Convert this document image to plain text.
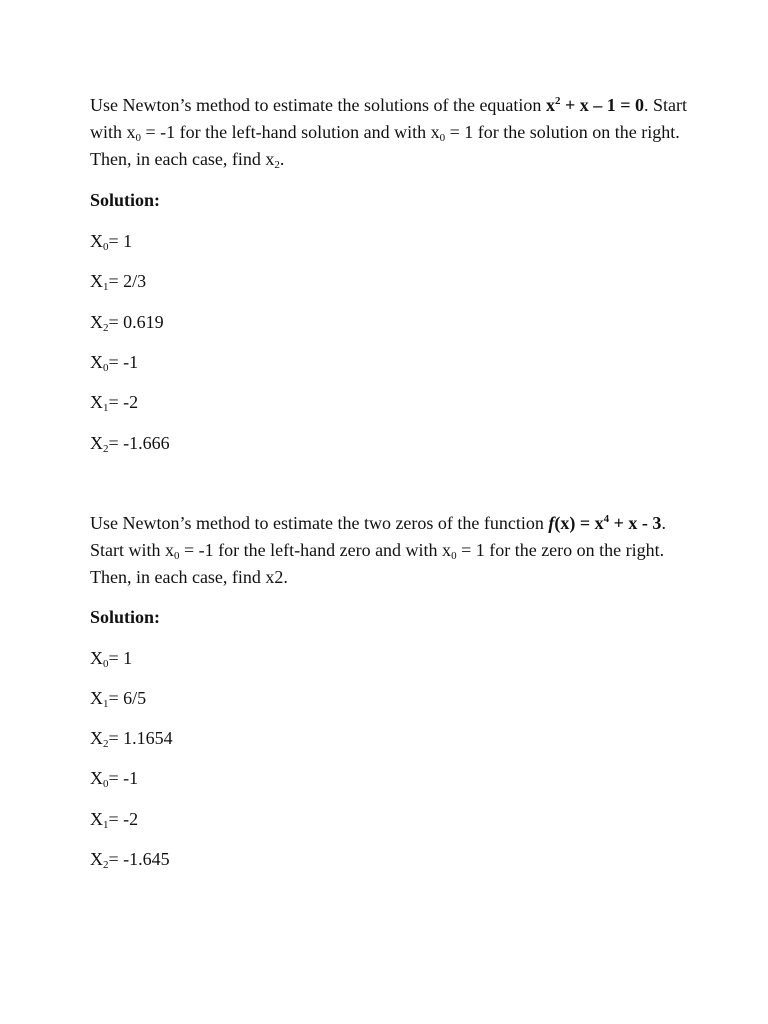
Use Newton’s method to estimate the solutions of the equation $x^2 + x - 1 = 0$. Start with $x_0 = -1$ for the left-hand solution and with $x_0 = 1$ for the solution on the right. Then, in each case, find $x_2$.

Solution:

$X_0= 1$

$X_1= 2/3$

$X_2= 0.619$

$X_0= -1$

$X_1= -2$

$X_2= -1.666$

Use Newton’s method to estimate the two zeros of the function $f(x) = x^4 + x - 3$. Start with $x_0 = -1$ for the left-hand zero and with $x_0 = 1$ for the zero on the right. Then, in each case, find x2.

Solution:

$X_0= 1$

$X_1= 6/5$

$X_2= 1.1654$

$X_0= -1$

$X_1= -2$

$X_2= -1.645$
